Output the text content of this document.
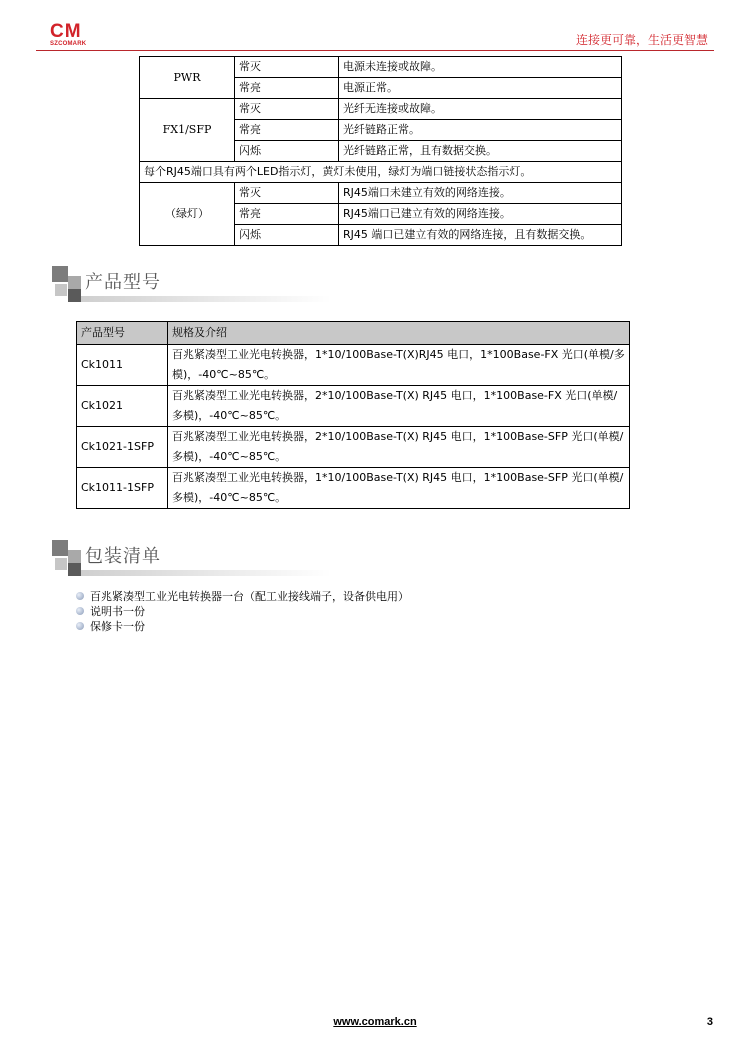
CM
SZCOMARK	连接更可靠，生活更智慧
PWR	常灭	电源未连接或故障。
	常亮	电源正常。
FX1/SFP	常灭	光纤无连接或故障。
	常亮	光纤链路正常。
	闪烁	光纤链路正常，且有数据交换。
每个RJ45端口具有两个LED指示灯，黄灯未使用，绿灯为端口链接状态指示灯。		
（绿灯）	常灭	RJ45端口未建立有效的网络连接。
	常亮	RJ45端口已建立有效的网络连接。
	闪烁	RJ45 端口已建立有效的网络连接，且有数据交换。
产品型号
产品型号	规格及介绍
Ck1011	百兆紧凑型工业光电转换器，1*10/100Base-T(X)RJ45 电口，1*100Base-FX 光口(单模/多模)，-40℃~85℃。
Ck1021	百兆紧凑型工业光电转换器，2*10/100Base-T(X) RJ45 电口，1*100Base-FX 光口(单模/多模)，-40℃~85℃。
Ck1021-1SFP	百兆紧凑型工业光电转换器，2*10/100Base-T(X) RJ45 电口，1*100Base-SFP 光口(单模/多模)，-40℃~85℃。
Ck1011-1SFP	百兆紧凑型工业光电转换器，1*10/100Base-T(X) RJ45 电口，1*100Base-SFP 光口(单模/多模)，-40℃~85℃。
包装清单
百兆紧凑型工业光电转换器一台（配工业接线端子，设备供电用）
说明书一份
保修卡一份
www.comark.cn	3
